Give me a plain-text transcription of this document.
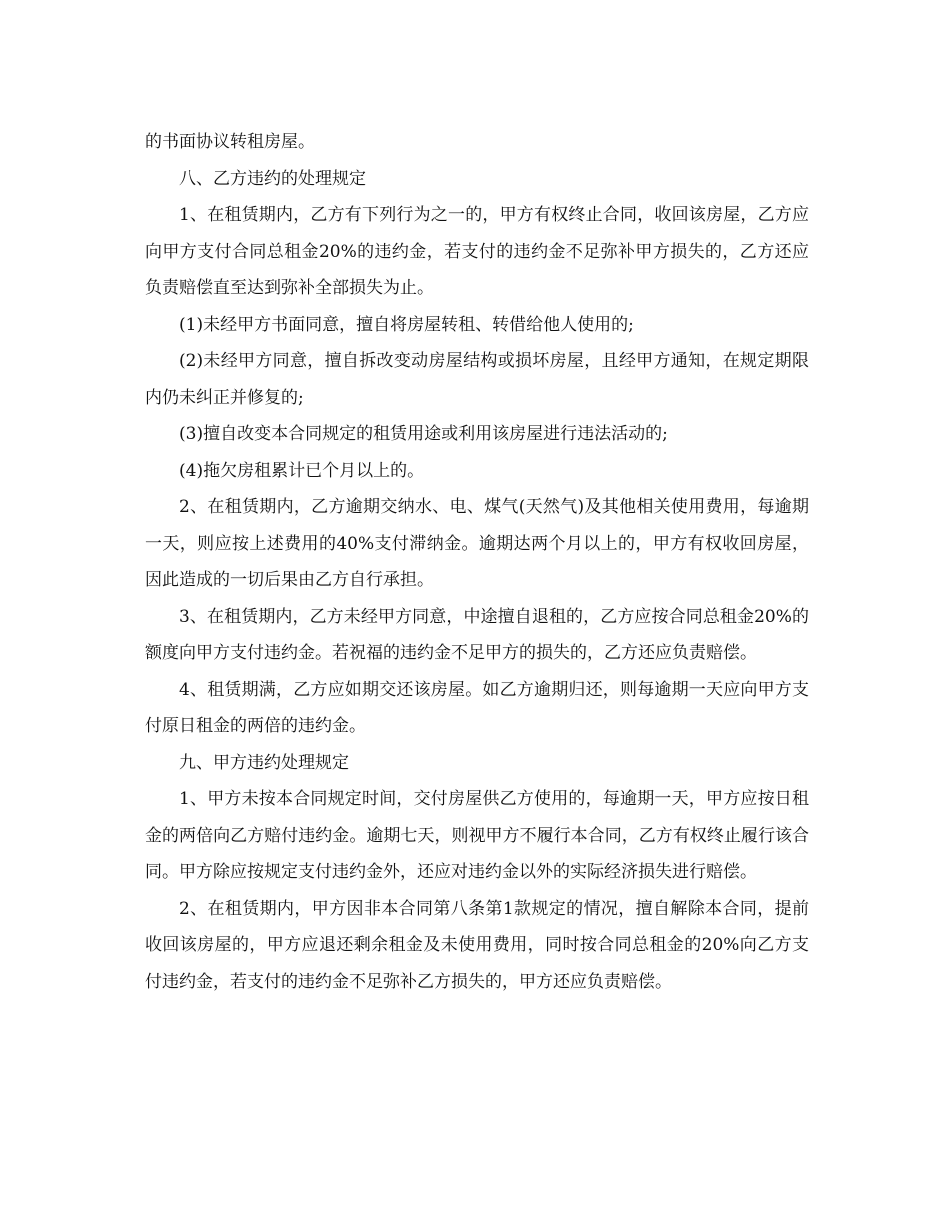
的书面协议转租房屋。

八、乙方违约的处理规定

1、在租赁期内，乙方有下列行为之一的，甲方有权终止合同，收回该房屋，乙方应向甲方支付合同总租金20%的违约金，若支付的违约金不足弥补甲方损失的，乙方还应负责赔偿直至达到弥补全部损失为止。

(1)未经甲方书面同意，擅自将房屋转租、转借给他人使用的;

(2)未经甲方同意，擅自拆改变动房屋结构或损坏房屋，且经甲方通知，在规定期限内仍未纠正并修复的;

(3)擅自改变本合同规定的租赁用途或利用该房屋进行违法活动的;

(4)拖欠房租累计已个月以上的。

2、在租赁期内，乙方逾期交纳水、电、煤气(天然气)及其他相关使用费用，每逾期一天，则应按上述费用的40%支付滞纳金。逾期达两个月以上的，甲方有权收回房屋，因此造成的一切后果由乙方自行承担。

3、在租赁期内，乙方未经甲方同意，中途擅自退租的，乙方应按合同总租金20%的额度向甲方支付违约金。若祝福的违约金不足甲方的损失的，乙方还应负责赔偿。

4、租赁期满，乙方应如期交还该房屋。如乙方逾期归还，则每逾期一天应向甲方支付原日租金的两倍的违约金。

九、甲方违约处理规定

1、甲方未按本合同规定时间，交付房屋供乙方使用的，每逾期一天，甲方应按日租金的两倍向乙方赔付违约金。逾期七天，则视甲方不履行本合同，乙方有权终止履行该合同。甲方除应按规定支付违约金外，还应对违约金以外的实际经济损失进行赔偿。

2、在租赁期内，甲方因非本合同第八条第1款规定的情况，擅自解除本合同，提前收回该房屋的，甲方应退还剩余租金及未使用费用，同时按合同总租金的20%向乙方支付违约金，若支付的违约金不足弥补乙方损失的，甲方还应负责赔偿。
